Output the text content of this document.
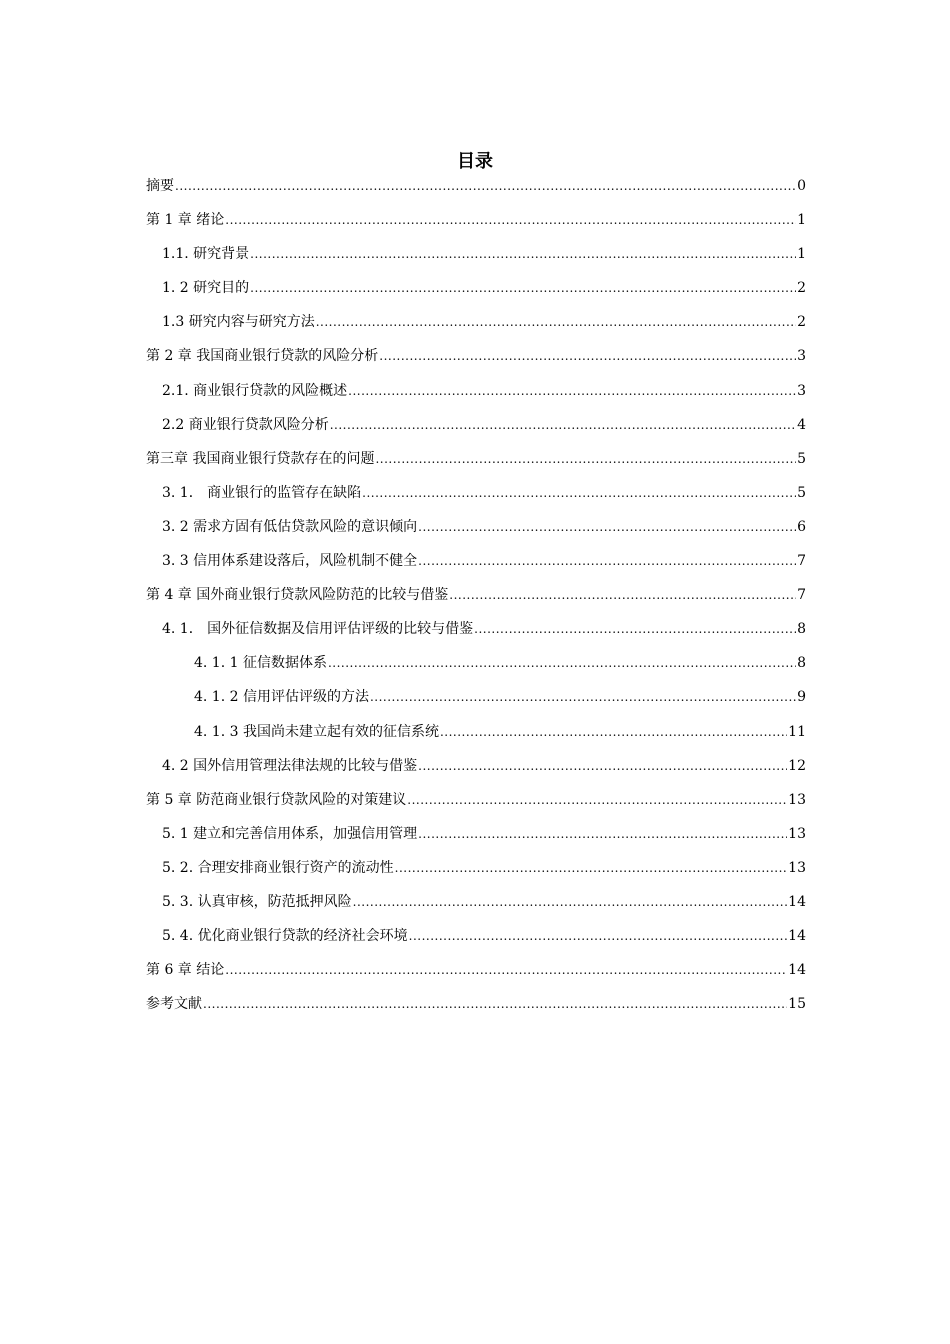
目录
摘要 .....	0
第 1 章 绪论 .....	1
1.1. 研究背景 .....	1
1. 2 研究目的 .....	2
1.3 研究内容与研究方法 .....	2
第 2 章 我国商业银行贷款的风险分析 .....	3
2.1. 商业银行贷款的风险概述 .....	3
2.2 商业银行贷款风险分析 .....	4
第三章 我国商业银行贷款存在的问题 .....	5
3. 1． 商业银行的监管存在缺陷 .....	5
3. 2 需求方固有低估贷款风险的意识倾向 .....	6
3. 3 信用体系建设落后，风险机制不健全 .....	7
第 4 章 国外商业银行贷款风险防范的比较与借鉴 .....	7
4. 1． 国外征信数据及信用评估评级的比较与借鉴 .....	8
4. 1. 1 征信数据体系 .....	8
4. 1. 2 信用评估评级的方法 .....	9
4. 1. 3 我国尚未建立起有效的征信系统 .....	11
4. 2 国外信用管理法律法规的比较与借鉴 .....	12
第 5 章 防范商业银行贷款风险的对策建议 .....	13
5. 1 建立和完善信用体系，加强信用管理 .....	13
5. 2. 合理安排商业银行资产的流动性 .....	13
5. 3. 认真审核，防范抵押风险 .....	14
5. 4. 优化商业银行贷款的经济社会环境 .....	14
第 6 章 结论 .....	14
参考文献 .....	15
